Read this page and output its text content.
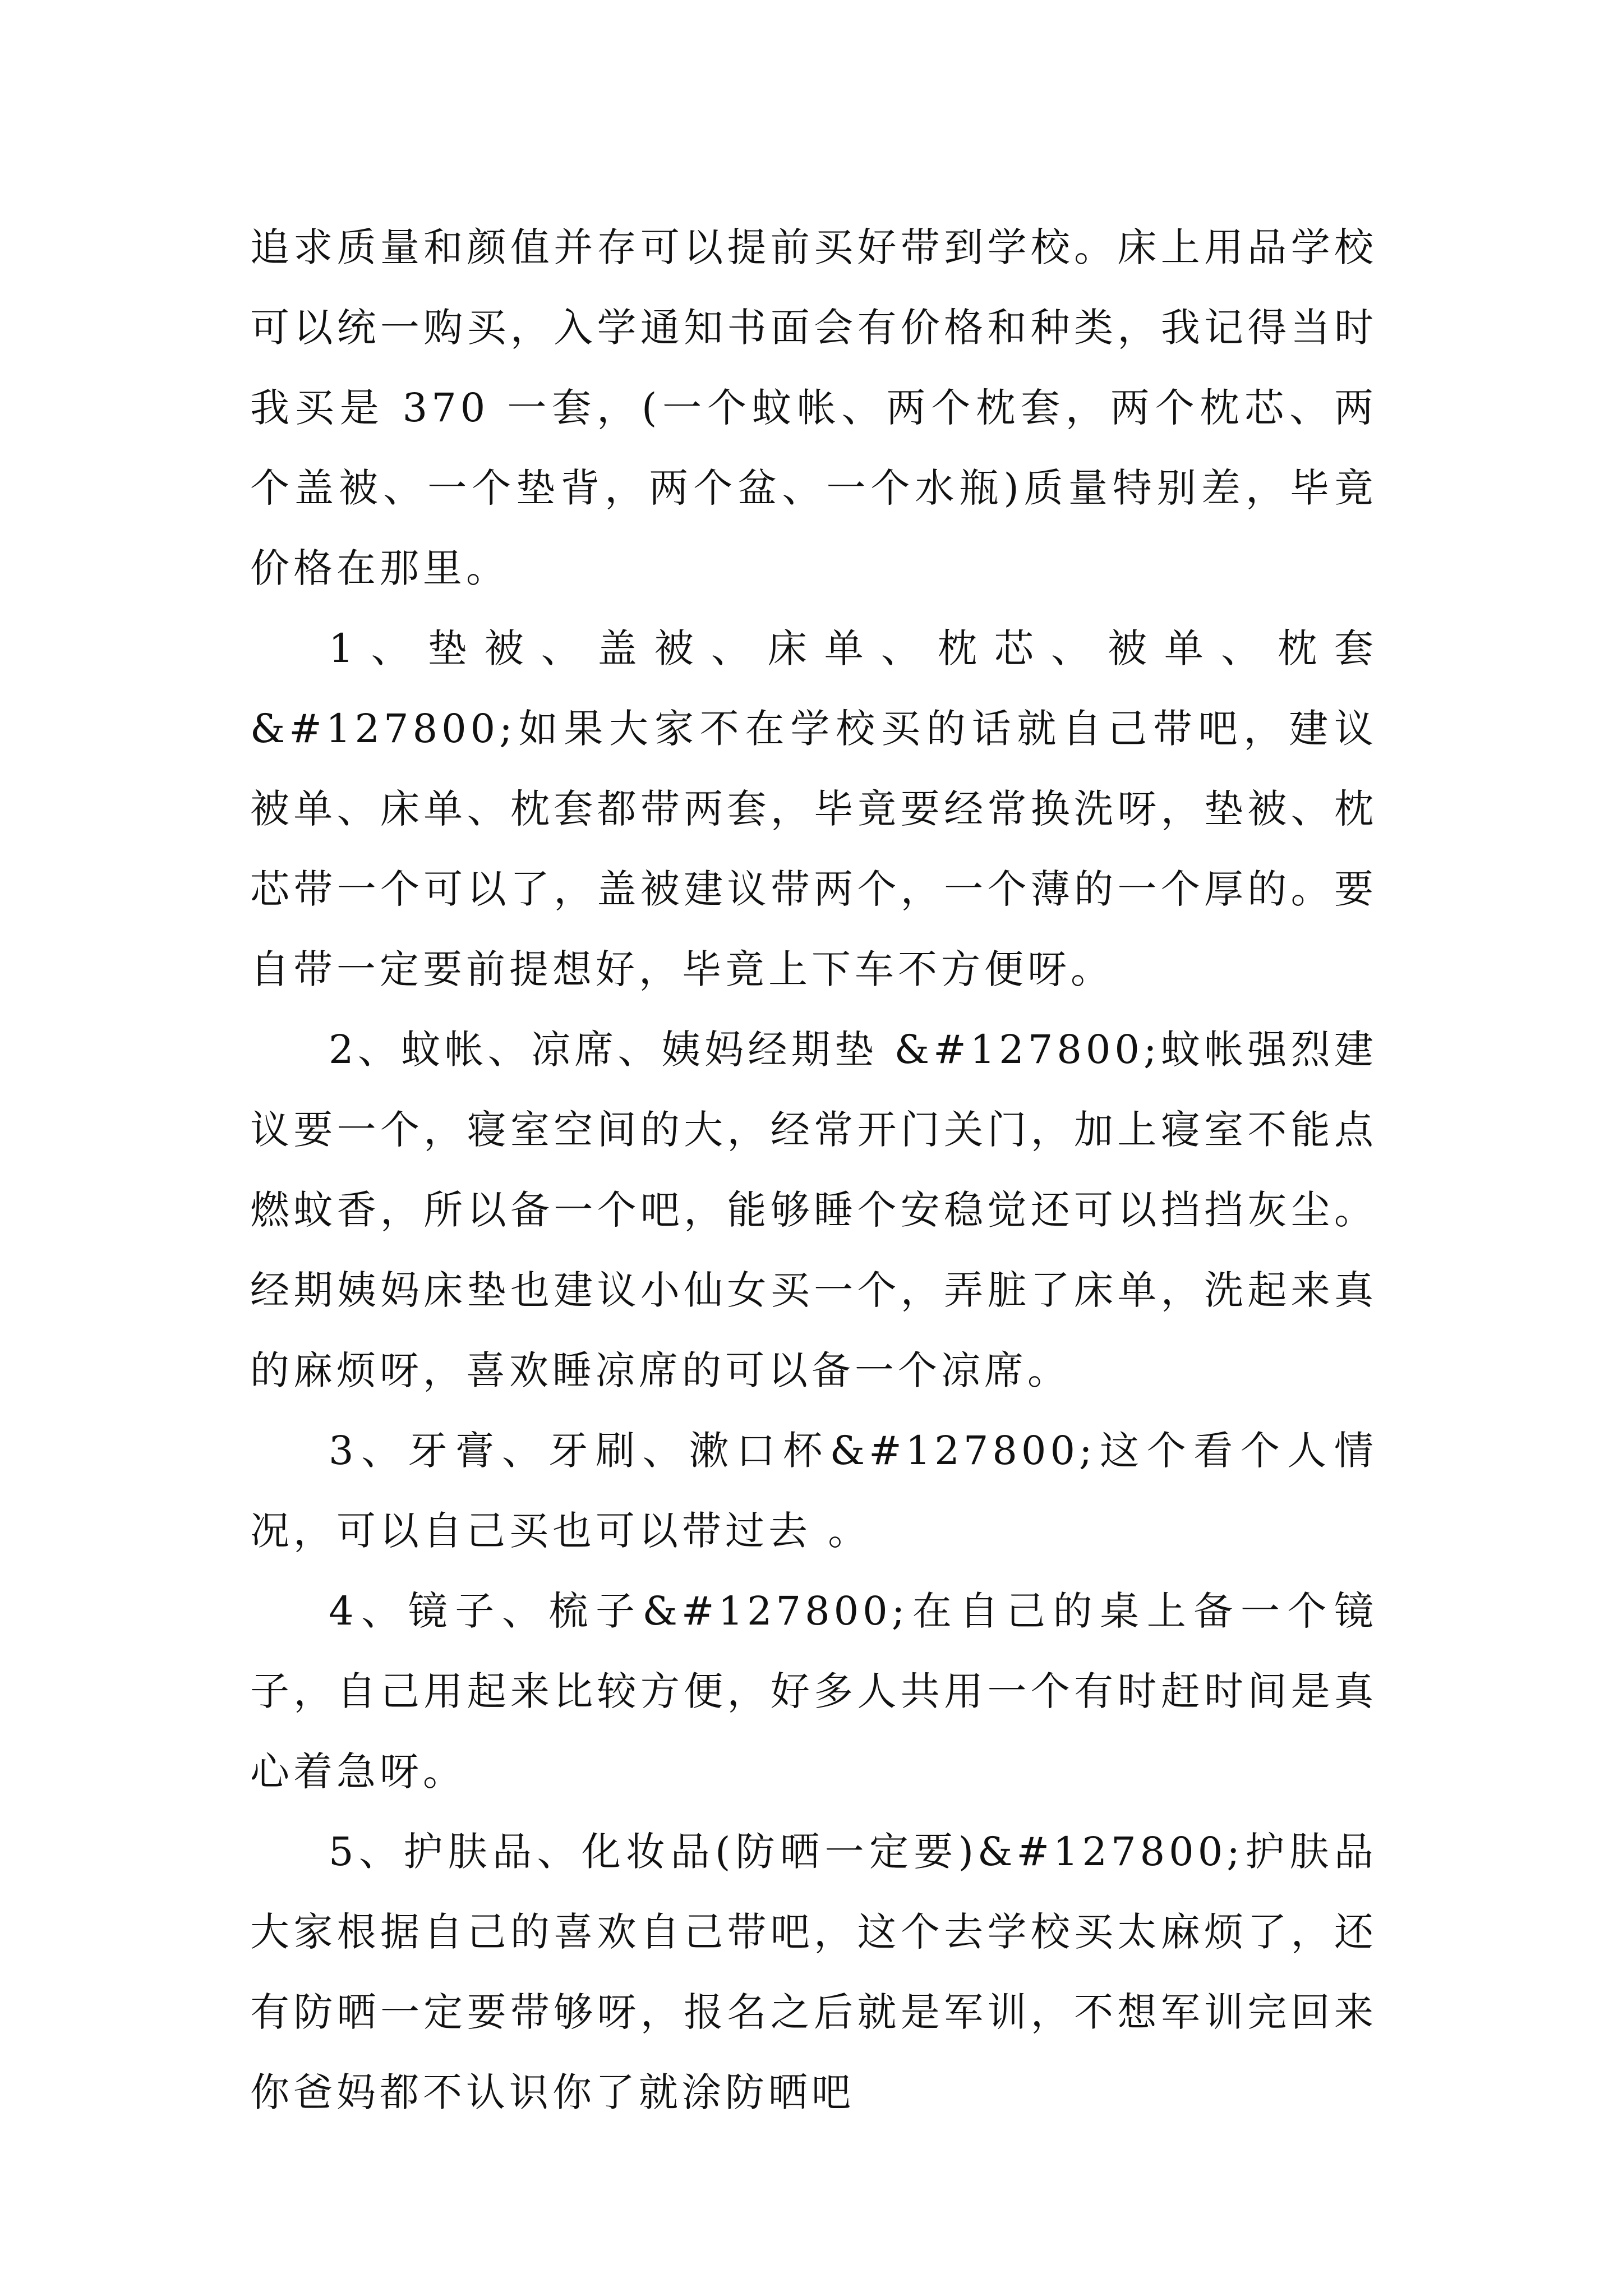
追求质量和颜值并存可以提前买好带到学校。床上用品学校可以统一购买，入学通知书面会有价格和种类，我记得当时我买是 370 一套，(一个蚊帐、两个枕套，两个枕芯、两个盖被、一个垫背，两个盆、一个水瓶)质量特别差，毕竟价格在那里。

1、垫被、盖被、床单、枕芯、被单、枕套&#127800;如果大家不在学校买的话就自己带吧，建议被单、床单、枕套都带两套，毕竟要经常换洗呀，垫被、枕芯带一个可以了，盖被建议带两个，一个薄的一个厚的。要自带一定要前提想好，毕竟上下车不方便呀。

2、蚊帐、凉席、姨妈经期垫 &#127800;蚊帐强烈建议要一个，寝室空间的大，经常开门关门，加上寝室不能点燃蚊香，所以备一个吧，能够睡个安稳觉还可以挡挡灰尘。经期姨妈床垫也建议小仙女买一个，弄脏了床单，洗起来真的麻烦呀，喜欢睡凉席的可以备一个凉席。

3、牙膏、牙刷、漱口杯&#127800;这个看个人情况，可以自己买也可以带过去 。

4、镜子、梳子&#127800;在自己的桌上备一个镜子，自己用起来比较方便，好多人共用一个有时赶时间是真心着急呀。

5、护肤品、化妆品(防晒一定要)&#127800;护肤品大家根据自己的喜欢自己带吧，这个去学校买太麻烦了，还有防晒一定要带够呀，报名之后就是军训，不想军训完回来你爸妈都不认识你了就涂防晒吧
